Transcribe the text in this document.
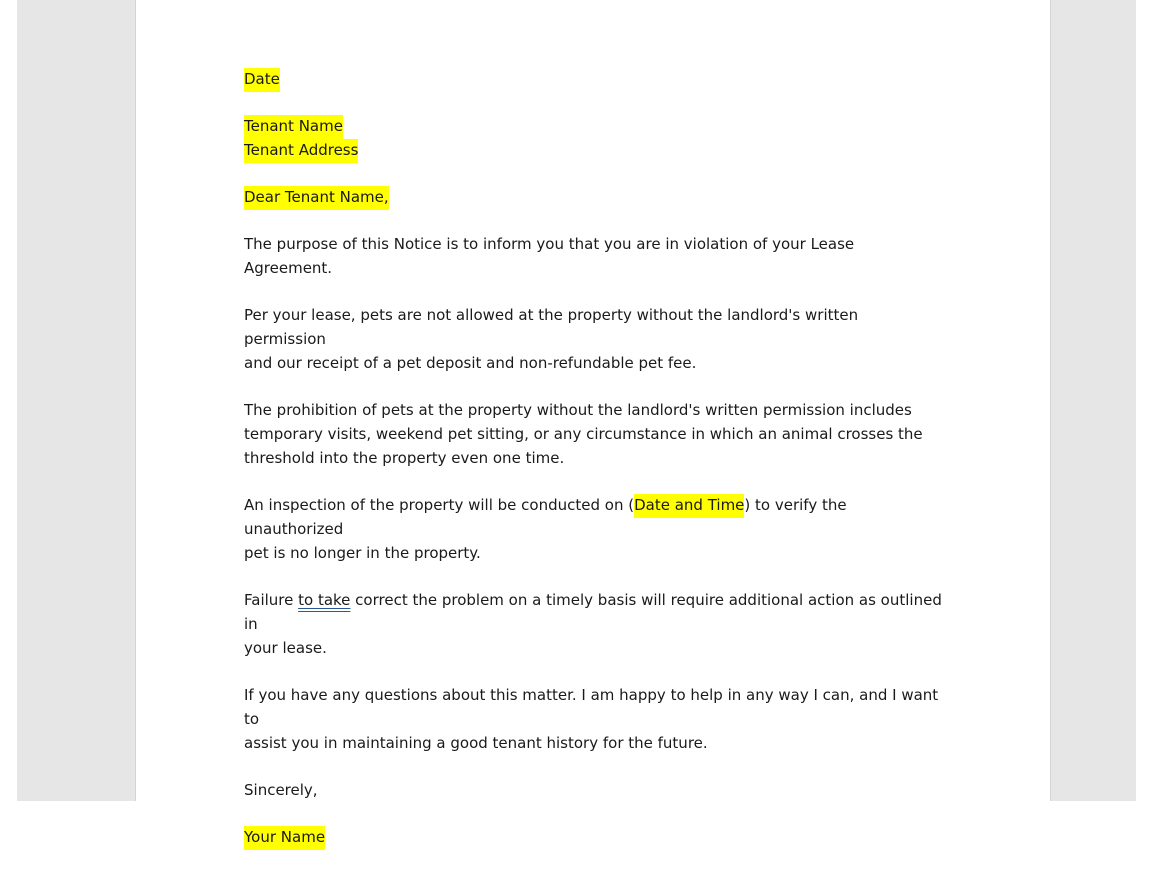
Date

Tenant Name
Tenant Address

Dear Tenant Name,

The purpose of this Notice is to inform you that you are in violation of your Lease Agreement.

Per your lease, pets are not allowed at the property without the landlord's written permission
and our receipt of a pet deposit and non-refundable pet fee.

The prohibition of pets at the property without the landlord's written permission includes
temporary visits, weekend pet sitting, or any circumstance in which an animal crosses the
threshold into the property even one time.

An inspection of the property will be conducted on (Date and Time) to verify the unauthorized
pet is no longer in the property.

Failure to take correct the problem on a timely basis will require additional action as outlined in
your lease.

If you have any questions about this matter. I am happy to help in any way I can, and I want to
assist you in maintaining a good tenant history for the future.

Sincerely,

Your Name
